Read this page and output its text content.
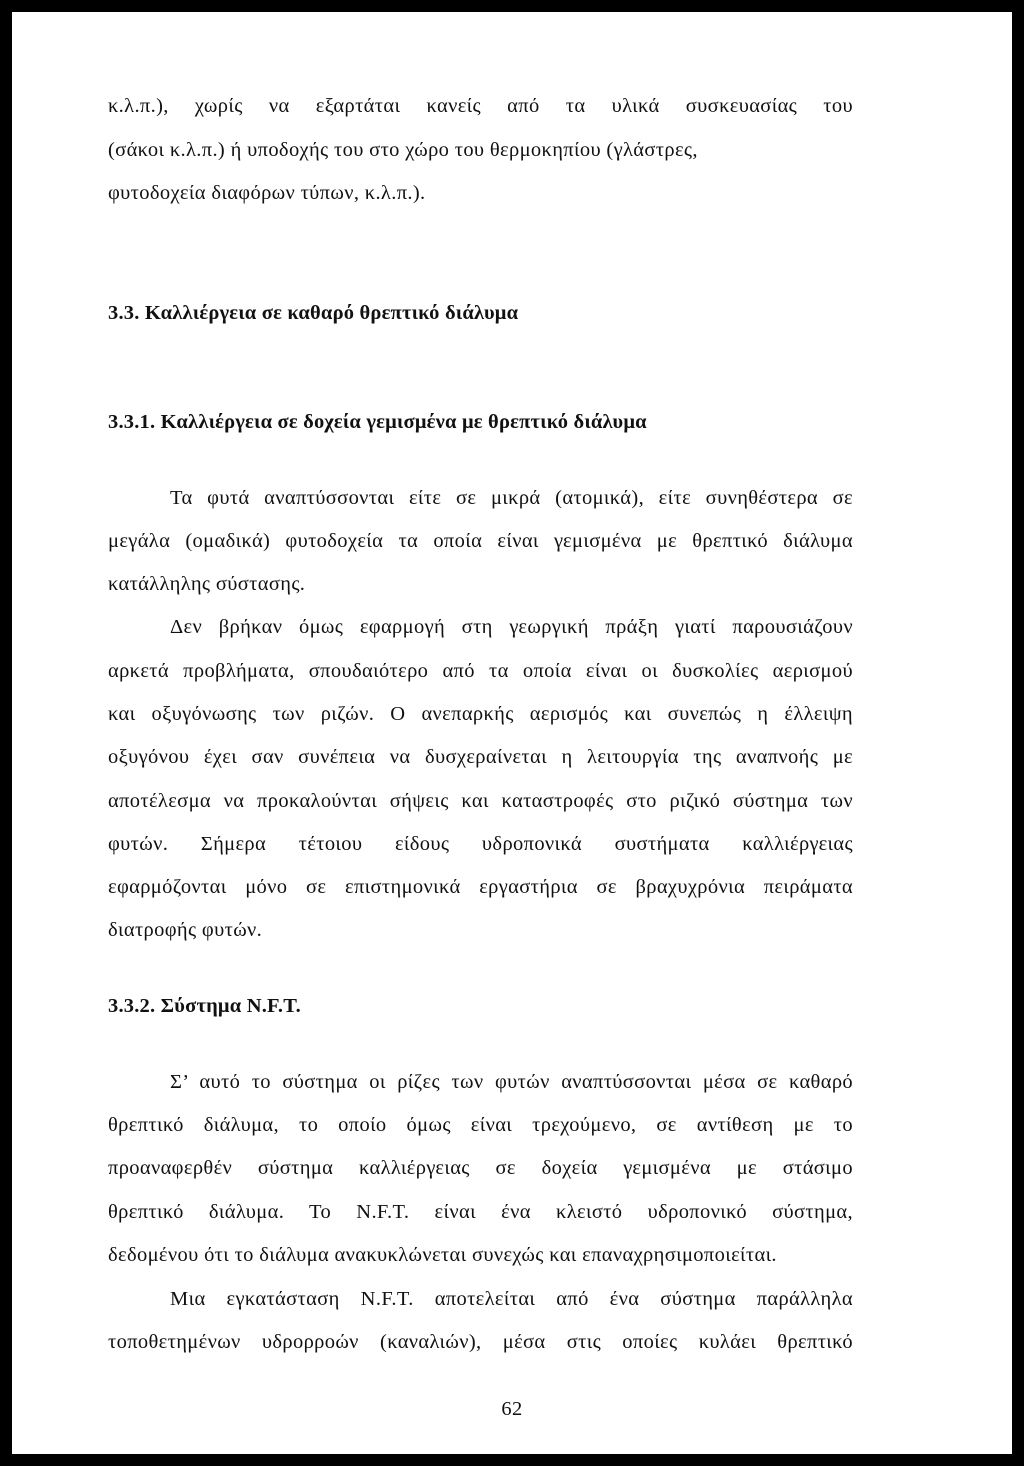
κ.λ.π.), χωρίς να εξαρτάται κανείς από τα υλικά συσκευασίας του
(σάκοι κ.λ.π.) ή υποδοχής του στο χώρο του θερμοκηπίου (γλάστρες,
φυτοδοχεία διαφόρων τύπων, κ.λ.π.).
3.3. Καλλιέργεια σε καθαρό θρεπτικό διάλυμα
3.3.1. Καλλιέργεια σε δοχεία γεμισμένα με θρεπτικό διάλυμα
Τα φυτά αναπτύσσονται είτε σε μικρά (ατομικά), είτε συνηθέστερα σε
μεγάλα (ομαδικά) φυτοδοχεία τα οποία είναι γεμισμένα με θρεπτικό διάλυμα
κατάλληλης σύστασης.
Δεν βρήκαν όμως εφαρμογή στη γεωργική πράξη γιατί παρουσιάζουν
αρκετά προβλήματα, σπουδαιότερο από τα οποία είναι οι δυσκολίες αερισμού
και οξυγόνωσης των ριζών. Ο ανεπαρκής αερισμός και συνεπώς η έλλειψη
οξυγόνου έχει σαν συνέπεια να δυσχεραίνεται η λειτουργία της αναπνοής με
αποτέλεσμα να προκαλούνται σήψεις και καταστροφές στο ριζικό σύστημα των
φυτών. Σήμερα τέτοιου είδους υδροπονικά συστήματα καλλιέργειας
εφαρμόζονται μόνο σε επιστημονικά εργαστήρια σε βραχυχρόνια πειράματα
διατροφής φυτών.
3.3.2. Σύστημα N.F.T.
Σ’ αυτό το σύστημα οι ρίζες των φυτών αναπτύσσονται μέσα σε καθαρό
θρεπτικό διάλυμα, το οποίο όμως είναι τρεχούμενο, σε αντίθεση με το
προαναφερθέν σύστημα καλλιέργειας σε δοχεία γεμισμένα με στάσιμο
θρεπτικό διάλυμα. Το N.F.T. είναι ένα κλειστό υδροπονικό σύστημα,
δεδομένου ότι το διάλυμα ανακυκλώνεται συνεχώς και επαναχρησιμοποιείται.
Μια εγκατάσταση N.F.T. αποτελείται από ένα σύστημα παράλληλα
τοποθετημένων υδρορροών (καναλιών), μέσα στις οποίες κυλάει θρεπτικό
62
